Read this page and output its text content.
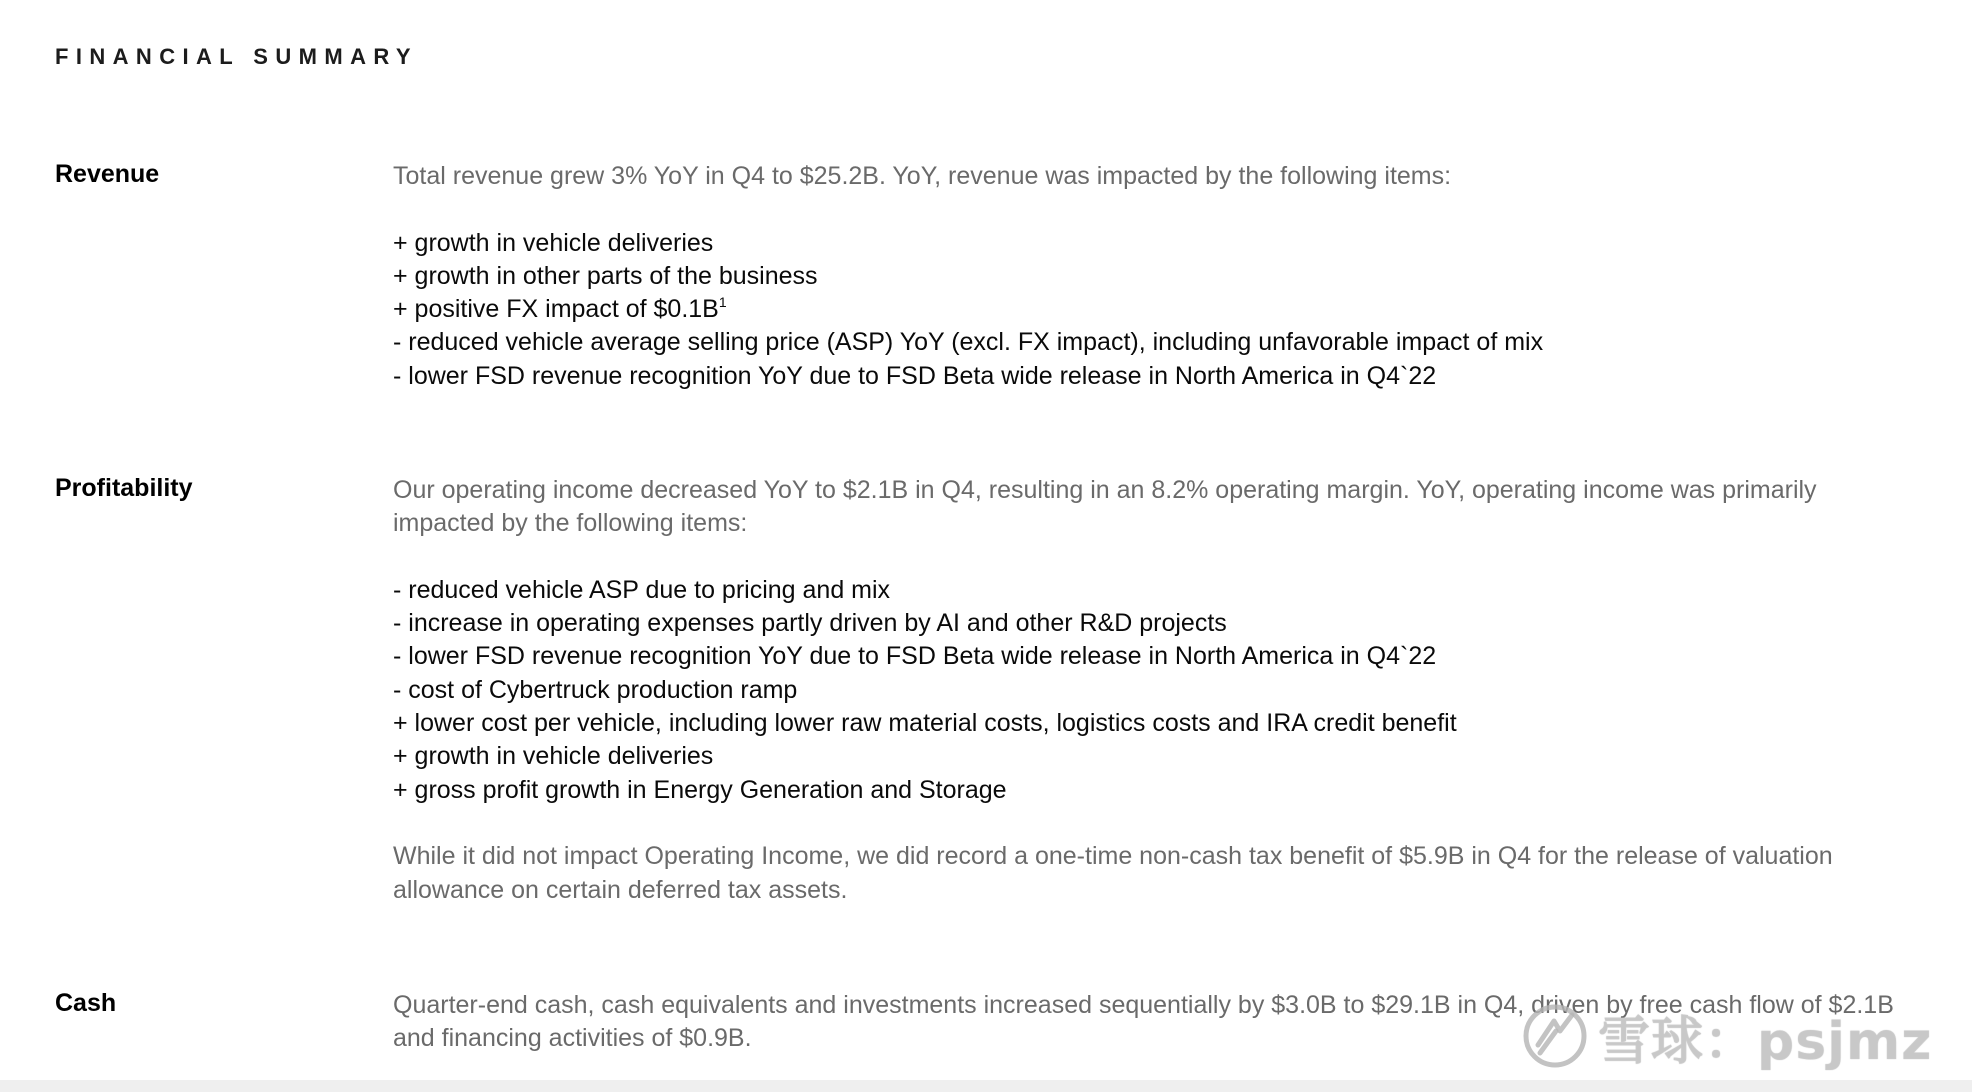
FINANCIAL SUMMARY
Revenue	Total revenue grew 3% YoY in Q4 to $25.2B. YoY, revenue was impacted by the following items:

+ growth in vehicle deliveries
+ growth in other parts of the business
+ positive FX impact of $\$0.1B^1$
- reduced vehicle average selling price (ASP) YoY (excl. FX impact), including unfavorable impact of mix
- lower FSD revenue recognition YoY due to FSD Beta wide release in North America in Q4`22
Profitability	Our operating income decreased YoY to $2.1B in Q4, resulting in an 8.2% operating margin. YoY, operating income was primarily impacted by the following items:

- reduced vehicle ASP due to pricing and mix
- increase in operating expenses partly driven by AI and other R&D projects
- lower FSD revenue recognition YoY due to FSD Beta wide release in North America in Q4`22
- cost of Cybertruck production ramp
+ lower cost per vehicle, including lower raw material costs, logistics costs and IRA credit benefit
+ growth in vehicle deliveries
+ gross profit growth in Energy Generation and Storage

While it did not impact Operating Income, we did record a one-time non-cash tax benefit of $5.9B in Q4 for the release of valuation allowance on certain deferred tax assets.

Cash	Quarter-end cash, cash equivalents and investments increased sequentially by $3.0B to $29.1B in Q4, driven by free cash flow of $2.1B and financing activities of $0.9B.	雪球：psjmz
